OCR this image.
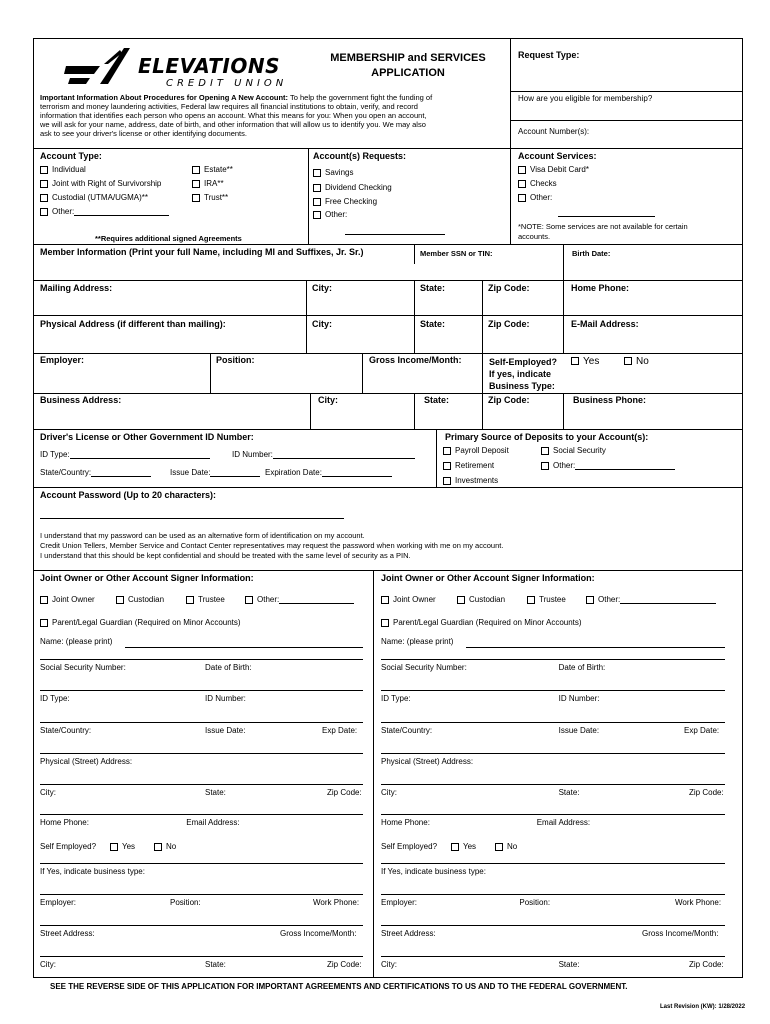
ELEVATIONS
CREDIT UNION
MEMBERSHIP and SERVICES
APPLICATION
Request Type:
How are you eligible for membership?
Account Number(s):
Important Information About Procedures for Opening A New Account: To help the government fight the funding of
terrorism and money laundering activities, Federal law requires all financial institutions to obtain, verify, and record
information that identifies each person who opens an account. What this means for you: When you open an account,
we will ask for your name, address, date of birth, and other information that will allow us to identify you. We may also
ask to see your driver's license or other identifying documents.
Account Type:
Individual
Joint with Right of Survivorship
Custodial (UTMA/UGMA)**
Other:
Estate**
IRA**
Trust**
**Requires additional signed Agreements
Account(s) Requests:
Savings
Dividend Checking
Free Checking
Other:
Account Services:
Visa Debit Card*
Checks
Other:
*NOTE: Some services are not available for certain
accounts.
Member Information (Print your full Name, including MI and Suffixes, Jr. Sr.)	Member SSN or TIN:	Birth Date:
Mailing Address:	City:	State:	Zip Code:	Home Phone:
Physical Address (if different than mailing):	City:	State:	Zip Code:	E-Mail Address:
Employer:	Position:	Gross Income/Month:	Self-Employed?	Yes	No
If yes, indicate
Business Type:
Business Address:	City:	State:	Zip Code:	Business Phone:
Driver's License or Other Government ID Number:
ID Type:	ID Number:
State/Country:	Issue Date:	Expiration Date:
Primary Source of Deposits to your Account(s):
Payroll Deposit	Social Security
Retirement	Other:
Investments
Account Password (Up to 20 characters):
I understand that my password can be used as an alternative form of identification on my account.
Credit Union Tellers, Member Service and Contact Center representatives may request the password when working with me on my account.
I understand that this should be kept confidential and should be treated with the same level of security as a PIN.
Joint Owner or Other Account Signer Information:
Joint Owner	Custodian	Trustee	Other:
Parent/Legal Guardian (Required on Minor Accounts)
Name: (please print)
Social Security Number:	Date of Birth:
ID Type:	ID Number:
State/Country:	Issue Date:	Exp Date:
Physical (Street) Address:
City:	State:	Zip Code:
Home Phone:	Email Address:
If Yes, indicate business type:
Employer:	Position:	Work Phone:
Street Address:	Gross Income/Month:
City:	State:	Zip Code:
Self Employed?	Yes	No
Joint Owner or Other Account Signer Information:
Joint Owner	Custodian	Trustee	Other:
Parent/Legal Guardian (Required on Minor Accounts)
Name: (please print)
Social Security Number:	Date of Birth:
ID Type:	ID Number:
State/Country:	Issue Date:	Exp Date:
Physical (Street) Address:
City:	State:	Zip Code:
Home Phone:	Email Address:
If Yes, indicate business type:
Employer:	Position:	Work Phone:
Street Address:	Gross Income/Month:
City:	State:	Zip Code:
Self Employed?	Yes	No
SEE THE REVERSE SIDE OF THIS APPLICATION FOR IMPORTANT AGREEMENTS AND CERTIFICATIONS TO US AND TO THE FEDERAL GOVERNMENT.
Last Revision (KW): 1/28/2022
